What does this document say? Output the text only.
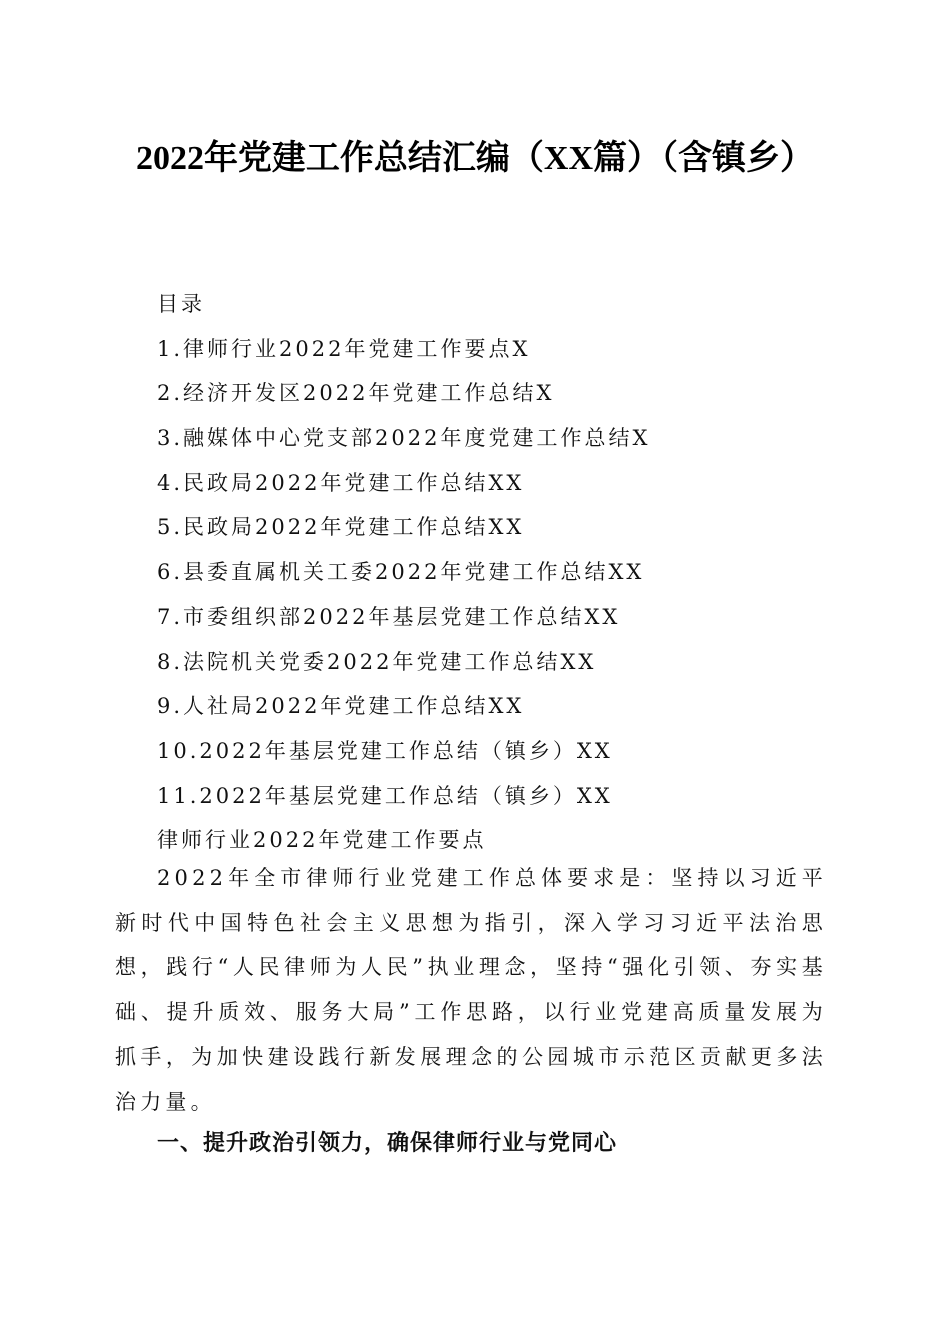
2022年党建工作总结汇编（XX篇）（含镇乡）
目录
1.律师行业2022年党建工作要点X
2.经济开发区2022年党建工作总结X
3.融媒体中心党支部2022年度党建工作总结X
4.民政局2022年党建工作总结XX
5.民政局2022年党建工作总结XX
6.县委直属机关工委2022年党建工作总结XX
7.市委组织部2022年基层党建工作总结XX
8.法院机关党委2022年党建工作总结XX
9.人社局2022年党建工作总结XX
10.2022年基层党建工作总结（镇乡）XX
11.2022年基层党建工作总结（镇乡）XX
律师行业2022年党建工作要点
2022年全市律师行业党建工作总体要求是：坚持以习近平新时代中国特色社会主义思想为指引，深入学习习近平法治思想，践行“人民律师为人民”执业理念，坚持“强化引领、夯实基础、提升质效、服务大局”工作思路，以行业党建高质量发展为抓手，为加快建设践行新发展理念的公园城市示范区贡献更多法治力量。
一、提升政治引领力，确保律师行业与党同心
